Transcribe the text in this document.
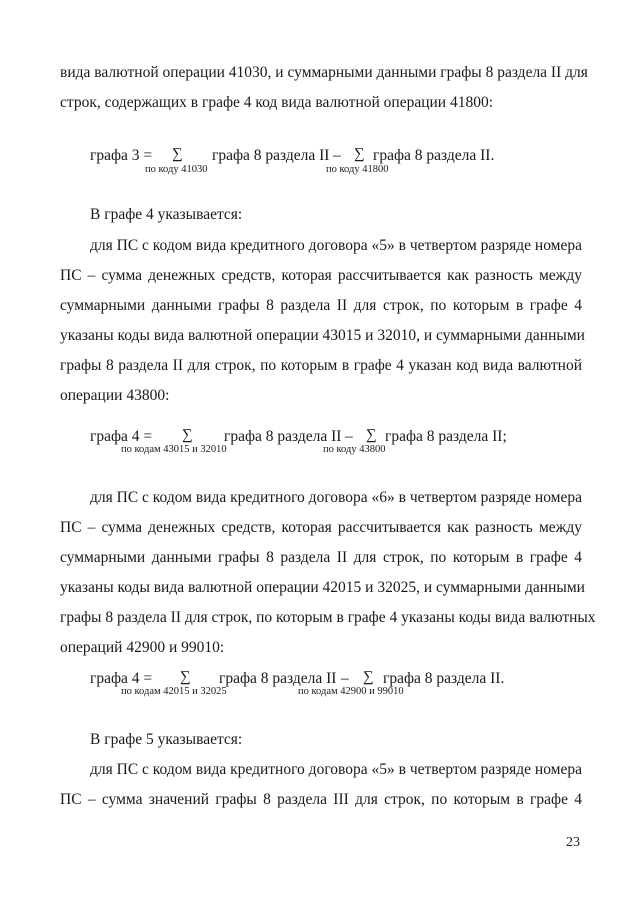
вида валютной операции 41030, и суммарными данными графы 8 раздела II для
строк, содержащих в графе 4 код вида валютной операции 41800:
графа 3 = ∑ графа 8 раздела II – ∑ графа 8 раздела II.
по коду 41030	по коду 41800
В графе 4 указывается:
для ПС с кодом вида кредитного договора «5» в четвертом разряде номера
ПС – сумма денежных средств, которая рассчитывается как разность между
суммарными данными графы 8 раздела II для строк, по которым в графе 4
указаны коды вида валютной операции 43015 и 32010, и суммарными данными
графы 8 раздела II для строк, по которым в графе 4 указан код вида валютной
операции 43800:
графа 4 = ∑ графа 8 раздела II – ∑ графа 8 раздела II;
по кодам 43015 и 32010	по коду 43800
для ПС с кодом вида кредитного договора «6» в четвертом разряде номера
ПС – сумма денежных средств, которая рассчитывается как разность между
суммарными данными графы 8 раздела II для строк, по которым в графе 4
указаны коды вида валютной операции 42015 и 32025, и суммарными данными
графы 8 раздела II для строк, по которым в графе 4 указаны коды вида валютных
операций 42900 и 99010:
графа 4 = ∑ графа 8 раздела II – ∑ графа 8 раздела II.
по кодам 42015 и 32025	по кодам 42900 и 99010
В графе 5 указывается:
для ПС с кодом вида кредитного договора «5» в четвертом разряде номера
ПС – сумма значений графы 8 раздела III для строк, по которым в графе 4
23
